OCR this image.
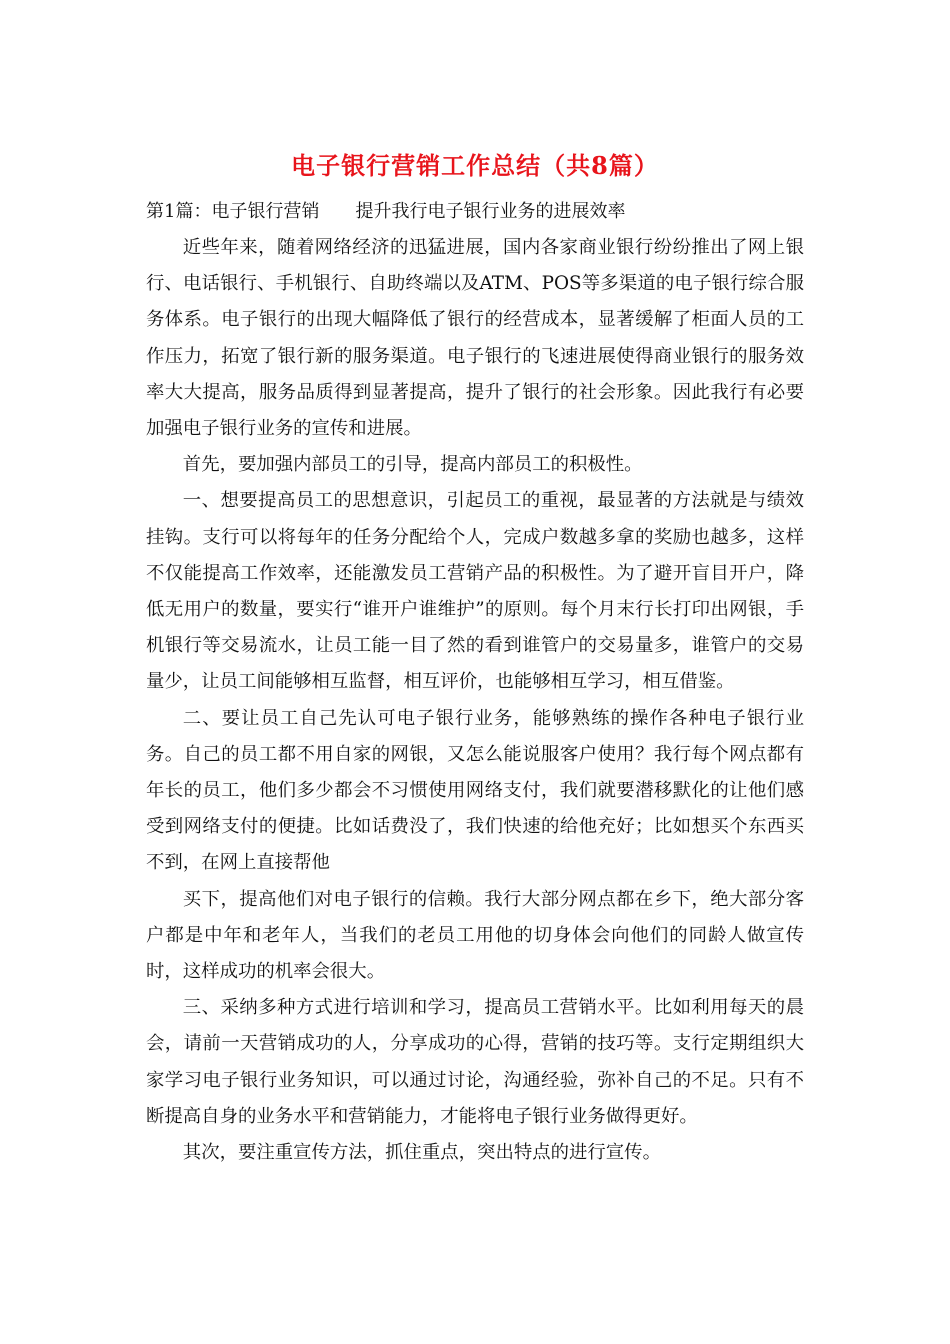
电子银行营销工作总结（共8篇）

第1篇：电子银行营销　　提升我行电子银行业务的进展效率

近些年来，随着网络经济的迅猛进展，国内各家商业银行纷纷推出了网上银行、电话银行、手机银行、自助终端以及ATM、POS等多渠道的电子银行综合服务体系。电子银行的出现大幅降低了银行的经营成本，显著缓解了柜面人员的工作压力，拓宽了银行新的服务渠道。电子银行的飞速进展使得商业银行的服务效率大大提高，服务品质得到显著提高，提升了银行的社会形象。因此我行有必要加强电子银行业务的宣传和进展。

首先，要加强内部员工的引导，提高内部员工的积极性。

一、想要提高员工的思想意识，引起员工的重视，最显著的方法就是与绩效挂钩。支行可以将每年的任务分配给个人，完成户数越多拿的奖励也越多，这样不仅能提高工作效率，还能激发员工营销产品的积极性。为了避开盲目开户，降低无用户的数量，要实行“谁开户谁维护”的原则。每个月末行长打印出网银，手机银行等交易流水，让员工能一目了然的看到谁管户的交易量多，谁管户的交易量少，让员工间能够相互监督，相互评价，也能够相互学习，相互借鉴。

二、要让员工自己先认可电子银行业务，能够熟练的操作各种电子银行业务。自己的员工都不用自家的网银，又怎么能说服客户使用？我行每个网点都有年长的员工，他们多少都会不习惯使用网络支付，我们就要潜移默化的让他们感受到网络支付的便捷。比如话费没了，我们快速的给他充好；比如想买个东西买不到，在网上直接帮他

买下，提高他们对电子银行的信赖。我行大部分网点都在乡下，绝大部分客户都是中年和老年人，当我们的老员工用他的切身体会向他们的同龄人做宣传时，这样成功的机率会很大。

三、采纳多种方式进行培训和学习，提高员工营销水平。比如利用每天的晨会，请前一天营销成功的人，分享成功的心得，营销的技巧等。支行定期组织大家学习电子银行业务知识，可以通过讨论，沟通经验，弥补自己的不足。只有不断提高自身的业务水平和营销能力，才能将电子银行业务做得更好。

其次，要注重宣传方法，抓住重点，突出特点的进行宣传。
